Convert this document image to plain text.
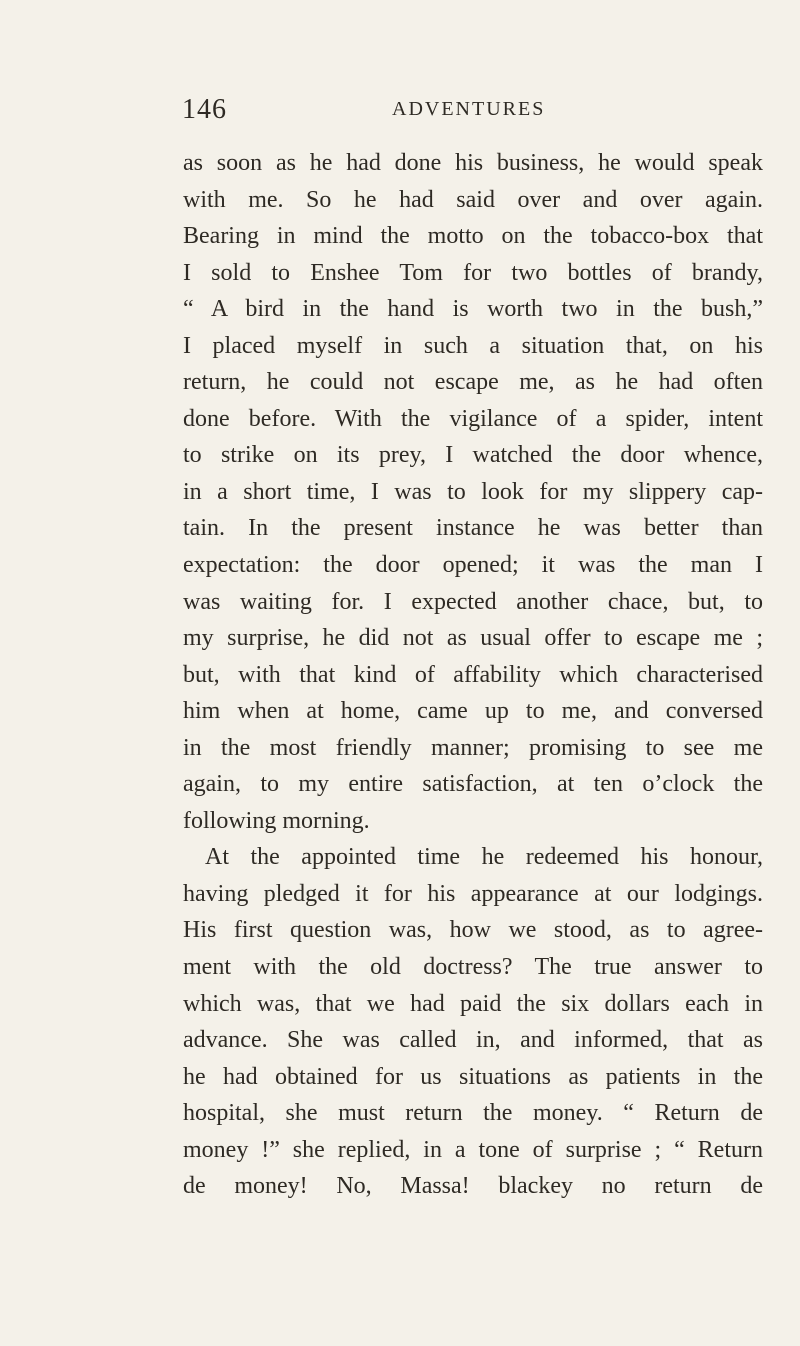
146	ADVENTURES
as soon as he had done his business, he would speak
with me. So he had said over and over again.
Bearing in mind the motto on the tobacco-box that
I sold to Enshee Tom for two bottles of brandy,
“ A bird in the hand is worth two in the bush,”
I placed myself in such a situation that, on his
return, he could not escape me, as he had often
done before. With the vigilance of a spider, intent
to strike on its prey, I watched the door whence,
in a short time, I was to look for my slippery cap-
tain. In the present instance he was better than
expectation: the door opened; it was the man I
was waiting for. I expected another chace, but, to
my surprise, he did not as usual offer to escape me ;
but, with that kind of affability which characterised
him when at home, came up to me, and conversed
in the most friendly manner; promising to see me
again, to my entire satisfaction, at ten o’clock the
following morning.
At the appointed time he redeemed his honour,
having pledged it for his appearance at our lodgings.
His first question was, how we stood, as to agree-
ment with the old doctress? The true answer to
which was, that we had paid the six dollars each in
advance. She was called in, and informed, that as
he had obtained for us situations as patients in the
hospital, she must return the money. “ Return de
money !” she replied, in a tone of surprise ; “ Return
de money! No, Massa! blackey no return de
